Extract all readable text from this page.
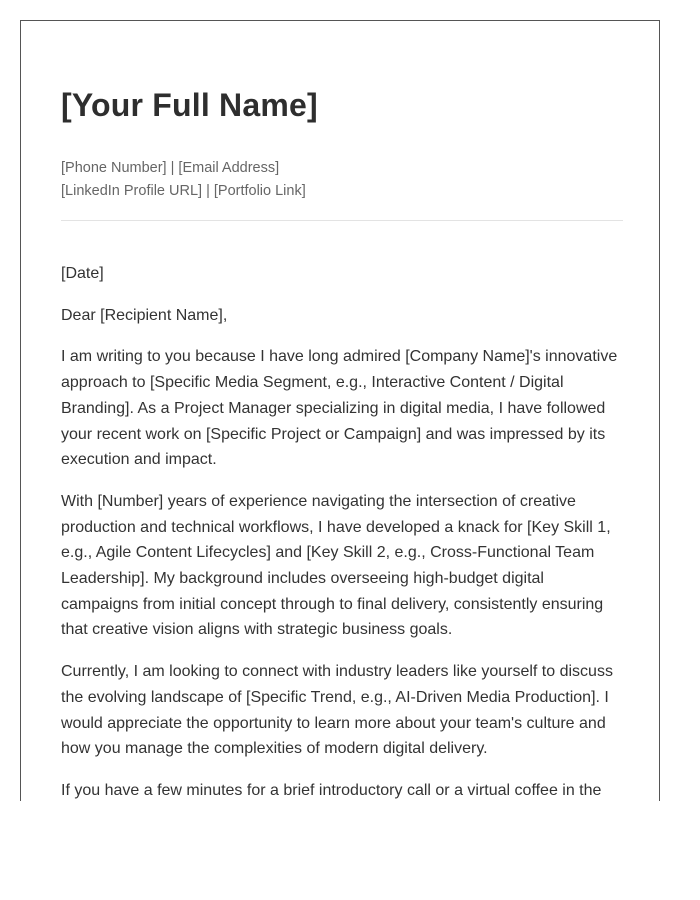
[Your Full Name]
[Phone Number] | [Email Address]
[LinkedIn Profile URL] | [Portfolio Link]

[Date]

Dear [Recipient Name],

I am writing to you because I have long admired [Company Name]'s innovative approach to [Specific Media Segment, e.g., Interactive Content / Digital Branding]. As a Project Manager specializing in digital media, I have followed your recent work on [Specific Project or Campaign] and was impressed by its execution and impact.

With [Number] years of experience navigating the intersection of creative production and technical workflows, I have developed a knack for [Key Skill 1, e.g., Agile Content Lifecycles] and [Key Skill 2, e.g., Cross-Functional Team Leadership]. My background includes overseeing high-budget digital campaigns from initial concept through to final delivery, consistently ensuring that creative vision aligns with strategic business goals.

Currently, I am looking to connect with industry leaders like yourself to discuss the evolving landscape of [Specific Trend, e.g., AI-Driven Media Production]. I would appreciate the opportunity to learn more about your team's culture and how you manage the complexities of modern digital delivery.

If you have a few minutes for a brief introductory call or a virtual coffee in the
